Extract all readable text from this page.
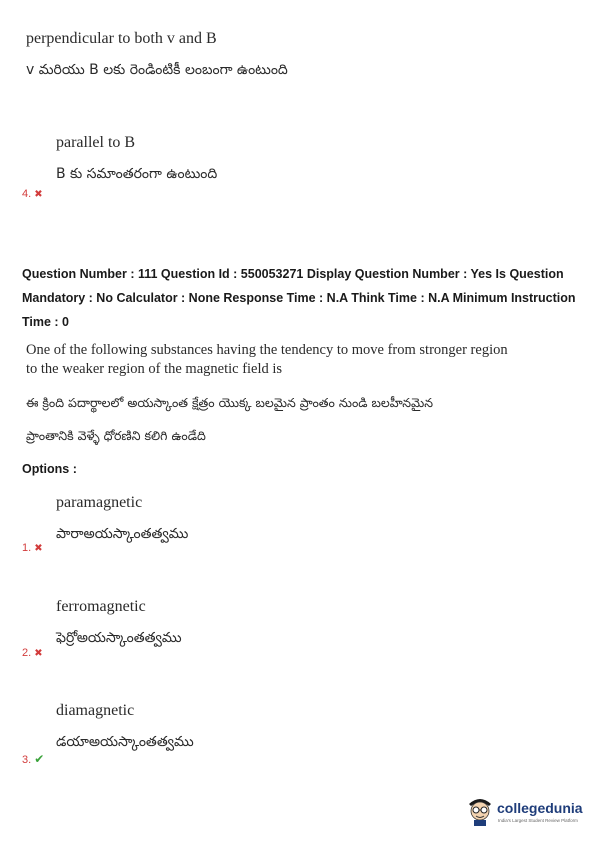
perpendicular to both v and B
v మరియు B లకు రెండింటికీ లంబంగా ఉంటుంది
parallel to B
B కు సమాంతరంగా ఉంటుంది
4. ✖
Question Number : 111 Question Id : 550053271 Display Question Number : Yes Is Question
Mandatory : No Calculator : None Response Time : N.A Think Time : N.A Minimum Instruction
Time : 0
One of the following substances having the tendency to move from stronger region
to the weaker region of the magnetic field is
ఈ క్రింది పదార్థాలలో అయస్కాంత క్షేత్రం యొక్క బలమైన ప్రాంతం నుండి బలహీనమైన
ప్రాంతానికి వెళ్ళే ధోరణిని కలిగి ఉండేది
Options :
paramagnetic
పారాఅయస్కాంతత్వము
1. ✖
ferromagnetic
ఫెర్రోఅయస్కాంతత్వము
2. ✖
diamagnetic
డయాఅయస్కాంతత్వము
3. ✔
collegedunia
India's Largest Student Review Platform
